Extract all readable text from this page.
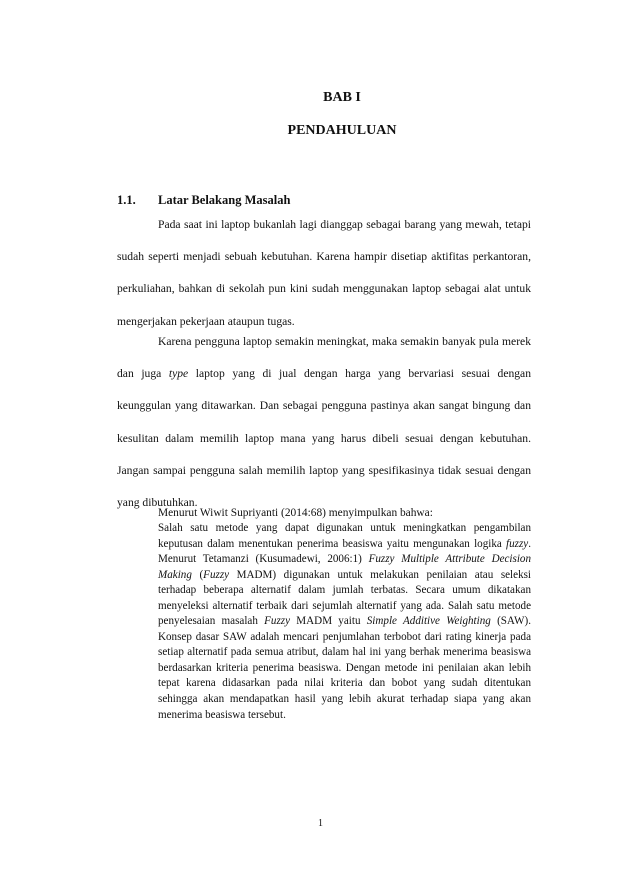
BAB I
PENDAHULUAN
1.1. Latar Belakang Masalah

Pada saat ini laptop bukanlah lagi dianggap sebagai barang yang mewah, tetapi sudah seperti menjadi sebuah kebutuhan. Karena hampir disetiap aktifitas perkantoran, perkuliahan, bahkan di sekolah pun kini sudah menggunakan laptop sebagai alat untuk mengerjakan pekerjaan ataupun tugas.

Karena pengguna laptop semakin meningkat, maka semakin banyak pula merek dan juga type laptop yang di jual dengan harga yang bervariasi sesuai dengan keunggulan yang ditawarkan. Dan sebagai pengguna pastinya akan sangat bingung dan kesulitan dalam memilih laptop mana yang harus dibeli sesuai dengan kebutuhan. Jangan sampai pengguna salah memilih laptop yang spesifikasinya tidak sesuai dengan yang dibutuhkan.

Menurut Wiwit Supriyanti (2014:68) menyimpulkan bahwa:

Salah satu metode yang dapat digunakan untuk meningkatkan pengambilan keputusan dalam menentukan penerima beasiswa yaitu mengunakan logika fuzzy. Menurut Tetamanzi (Kusumadewi, 2006:1) Fuzzy Multiple Attribute Decision Making (Fuzzy MADM) digunakan untuk melakukan penilaian atau seleksi terhadap beberapa alternatif dalam jumlah terbatas. Secara umum dikatakan menyeleksi alternatif terbaik dari sejumlah alternatif yang ada. Salah satu metode penyelesaian masalah Fuzzy MADM yaitu Simple Additive Weighting (SAW). Konsep dasar SAW adalah mencari penjumlahan terbobot dari rating kinerja pada setiap alternatif pada semua atribut, dalam hal ini yang berhak menerima beasiswa berdasarkan kriteria penerima beasiswa. Dengan metode ini penilaian akan lebih tepat karena didasarkan pada nilai kriteria dan bobot yang sudah ditentukan sehingga akan mendapatkan hasil yang lebih akurat terhadap siapa yang akan menerima beasiswa tersebut.

1
